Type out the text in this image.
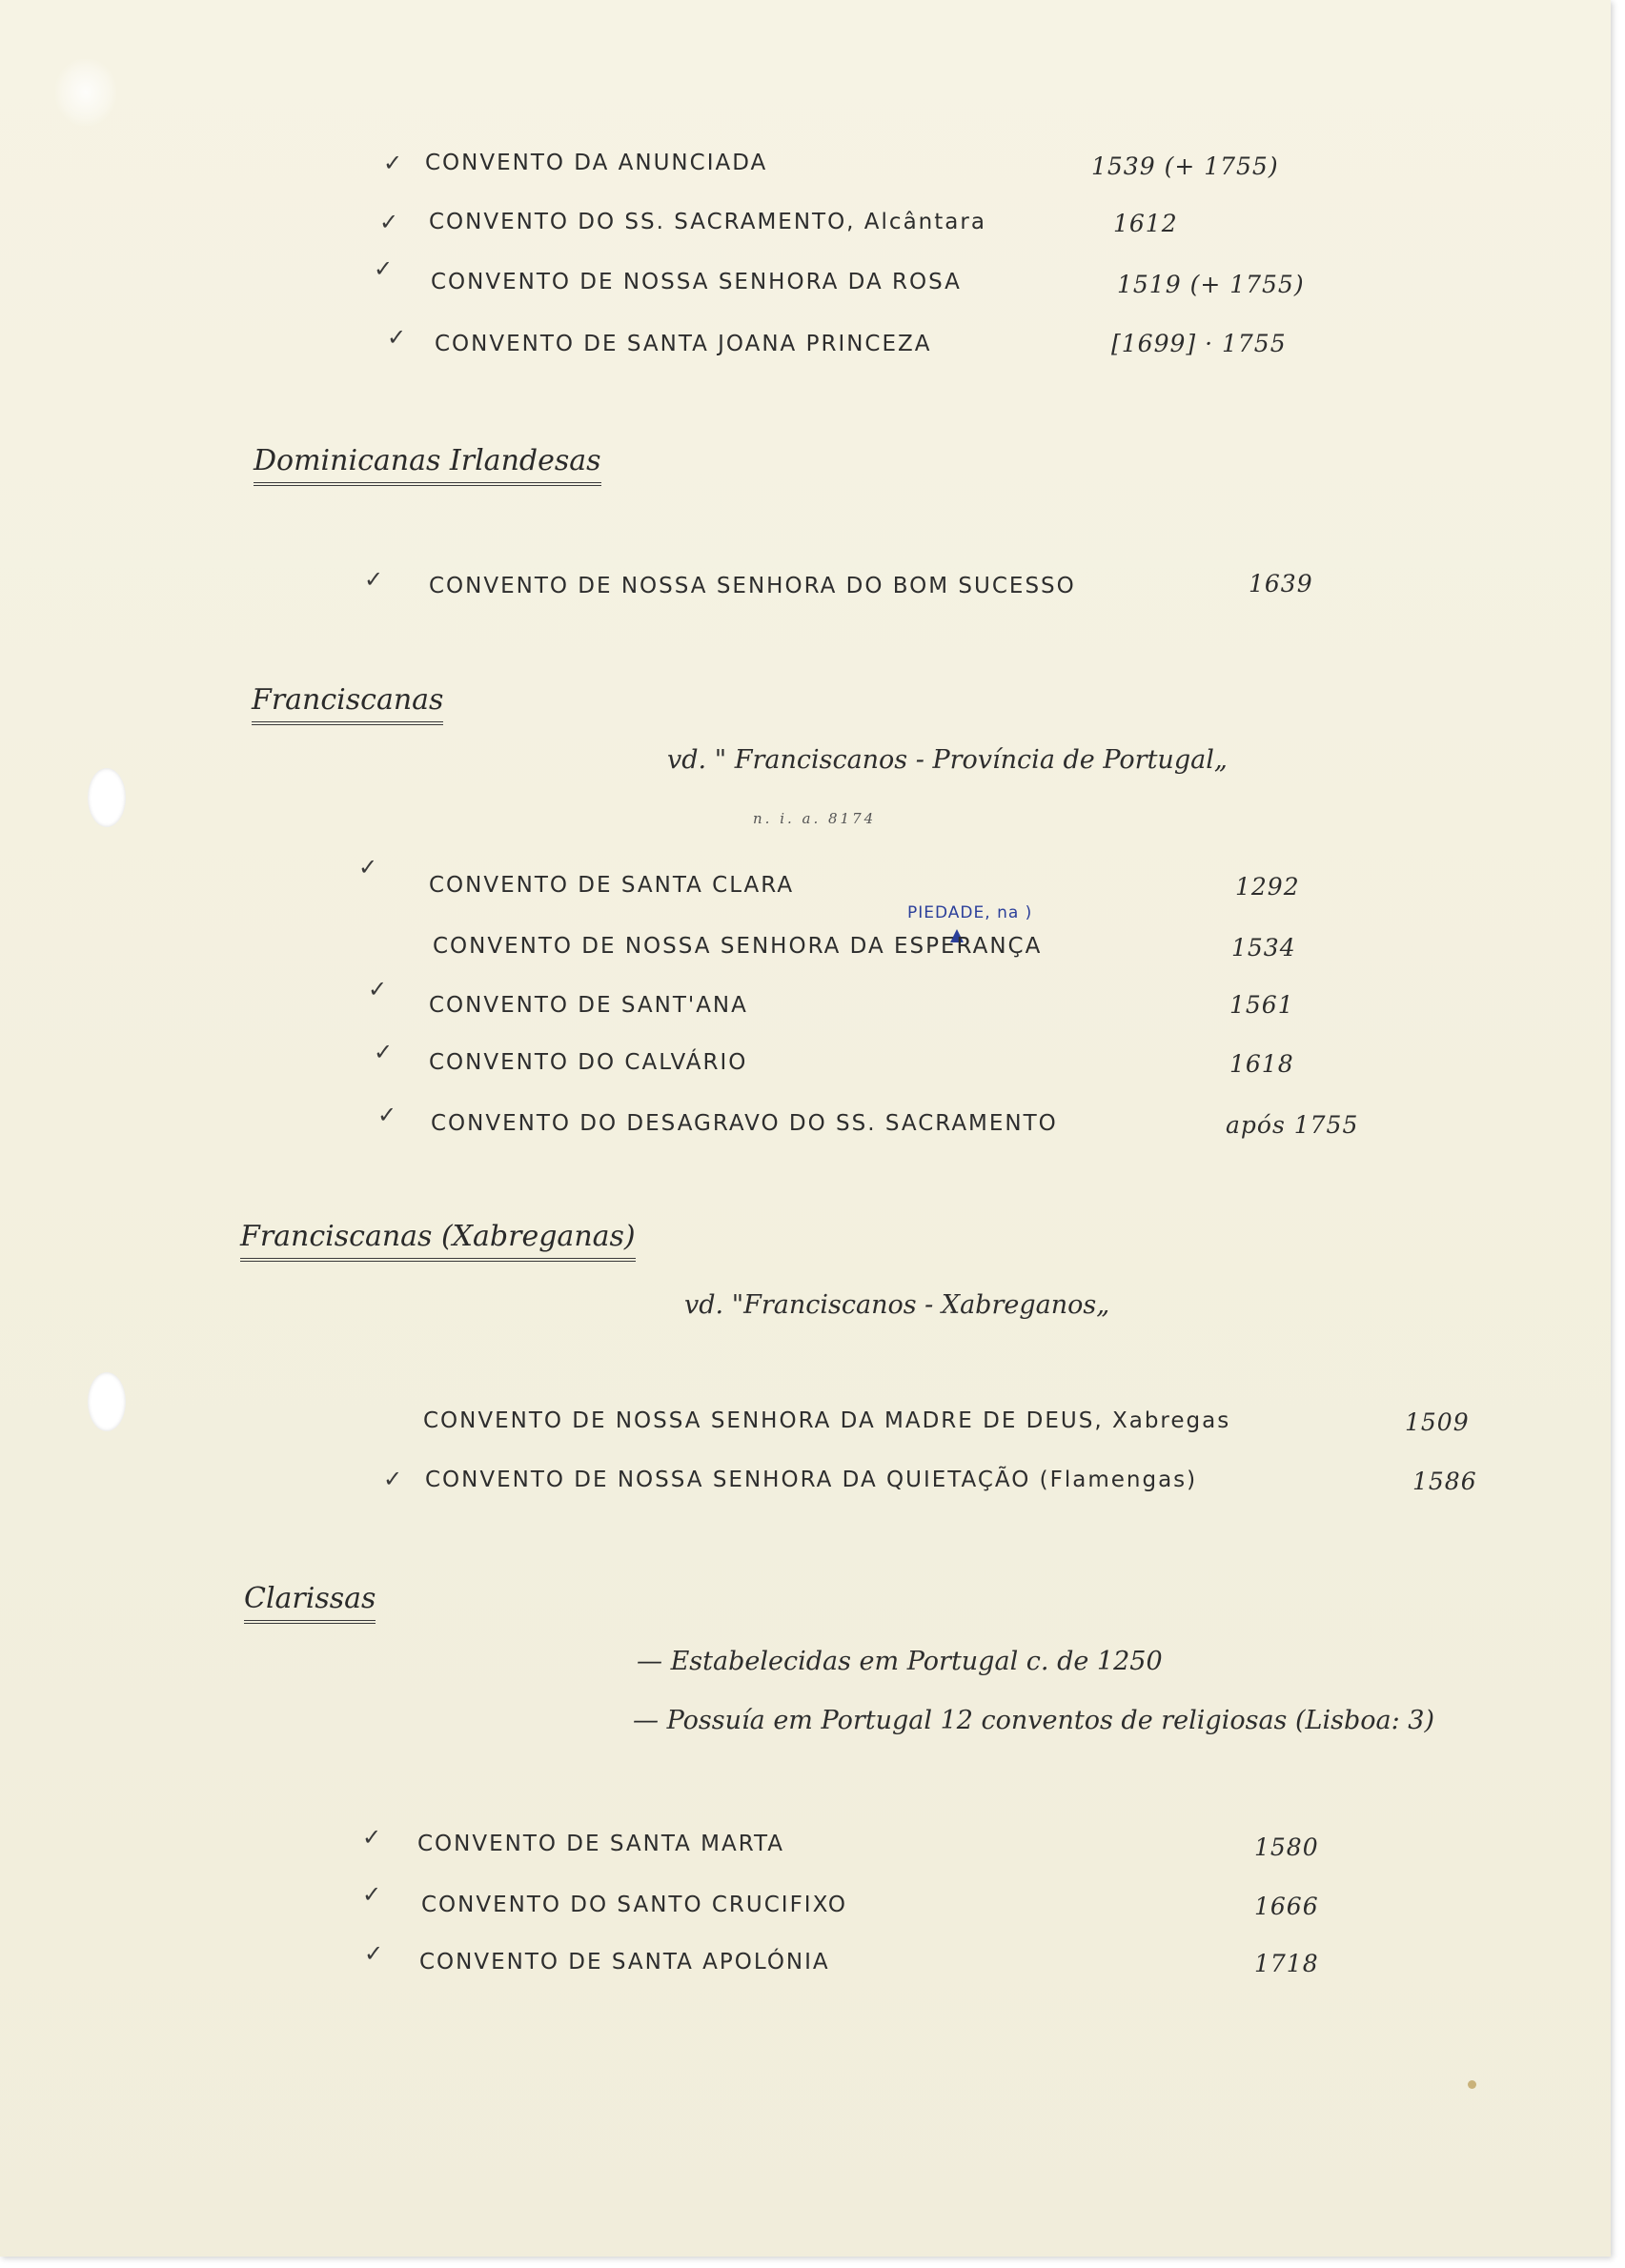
✓ CONVENTO DA ANUNCIADA	1539 (+ 1755)
✓ CONVENTO DO SS. SACRAMENTO, Alcântara	1612
✓ CONVENTO DE NOSSA SENHORA DA ROSA	1519 (+ 1755)
✓ CONVENTO DE SANTA JOANA PRINCEZA	[1699] · 1755
Dominicanas Irlandesas
✓ CONVENTO DE NOSSA SENHORA DO BOM SUCESSO	1639
Franciscanas
vd. " Franciscanos - Província de Portugal„
n. i. a. 8174
✓
CONVENTO DE SANTA CLARA	1292
PIEDADE, na )
CONVENTO DE NOSSA SENHORA DA ESPERANÇA	1534
✓
CONVENTO DE SANT'ANA	1561
✓ CONVENTO DO CALVÁRIO	1618
✓ CONVENTO DO DESAGRAVO DO SS. SACRAMENTO	após 1755
Franciscanas (Xabreganas)
vd. "Franciscanos - Xabreganos„
CONVENTO DE NOSSA SENHORA DA MADRE DE DEUS, Xabregas	1509
✓ CONVENTO DE NOSSA SENHORA DA QUIETAÇÃO (Flamengas)	1586
Clarissas
— Estabelecidas em Portugal c. de 1250
— Possuía em Portugal 12 conventos de religiosas (Lisboa: 3)
✓ CONVENTO DE SANTA MARTA	1580
✓ CONVENTO DO SANTO CRUCIFIXO	1666
✓ CONVENTO DE SANTA APOLÓNIA	1718
